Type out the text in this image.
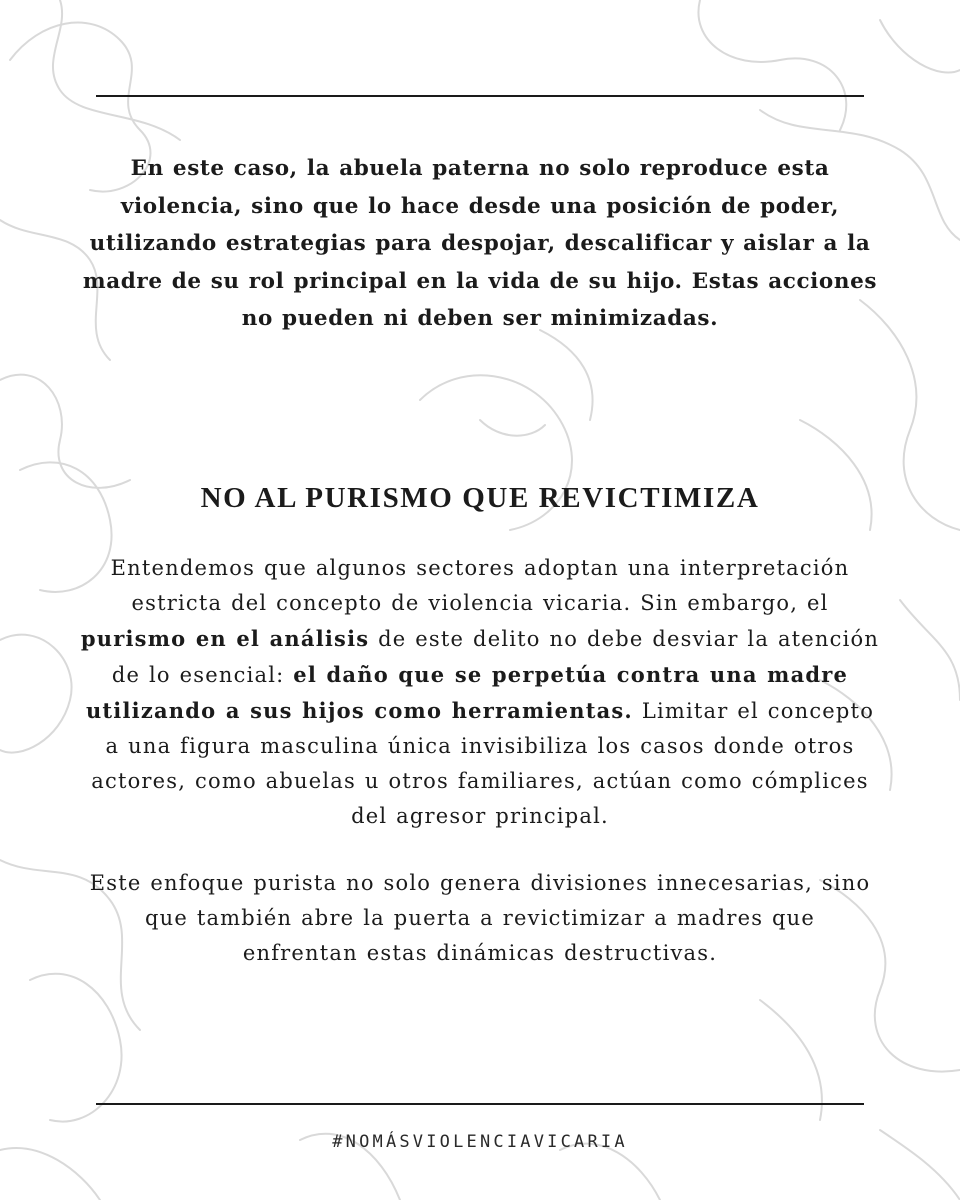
En este caso, la abuela paterna no solo reproduce esta
violencia, sino que lo hace desde una posición de poder,
utilizando estrategias para despojar, descalificar y aislar a la
madre de su rol principal en la vida de su hijo. Estas acciones
no pueden ni deben ser minimizadas.

NO AL PURISMO QUE REVICTIMIZA

Entendemos que algunos sectores adoptan una interpretación
estricta del concepto de violencia vicaria. Sin embargo, el
purismo en el análisis de este delito no debe desviar la atención
de lo esencial: el daño que se perpetúa contra una madre
utilizando a sus hijos como herramientas. Limitar el concepto
a una figura masculina única invisibiliza los casos donde otros
actores, como abuelas u otros familiares, actúan como cómplices
del agresor principal.

Este enfoque purista no solo genera divisiones innecesarias, sino
que también abre la puerta a revictimizar a madres que
enfrentan estas dinámicas destructivas.

#NOMÁSVIOLENCIAVICARIA
